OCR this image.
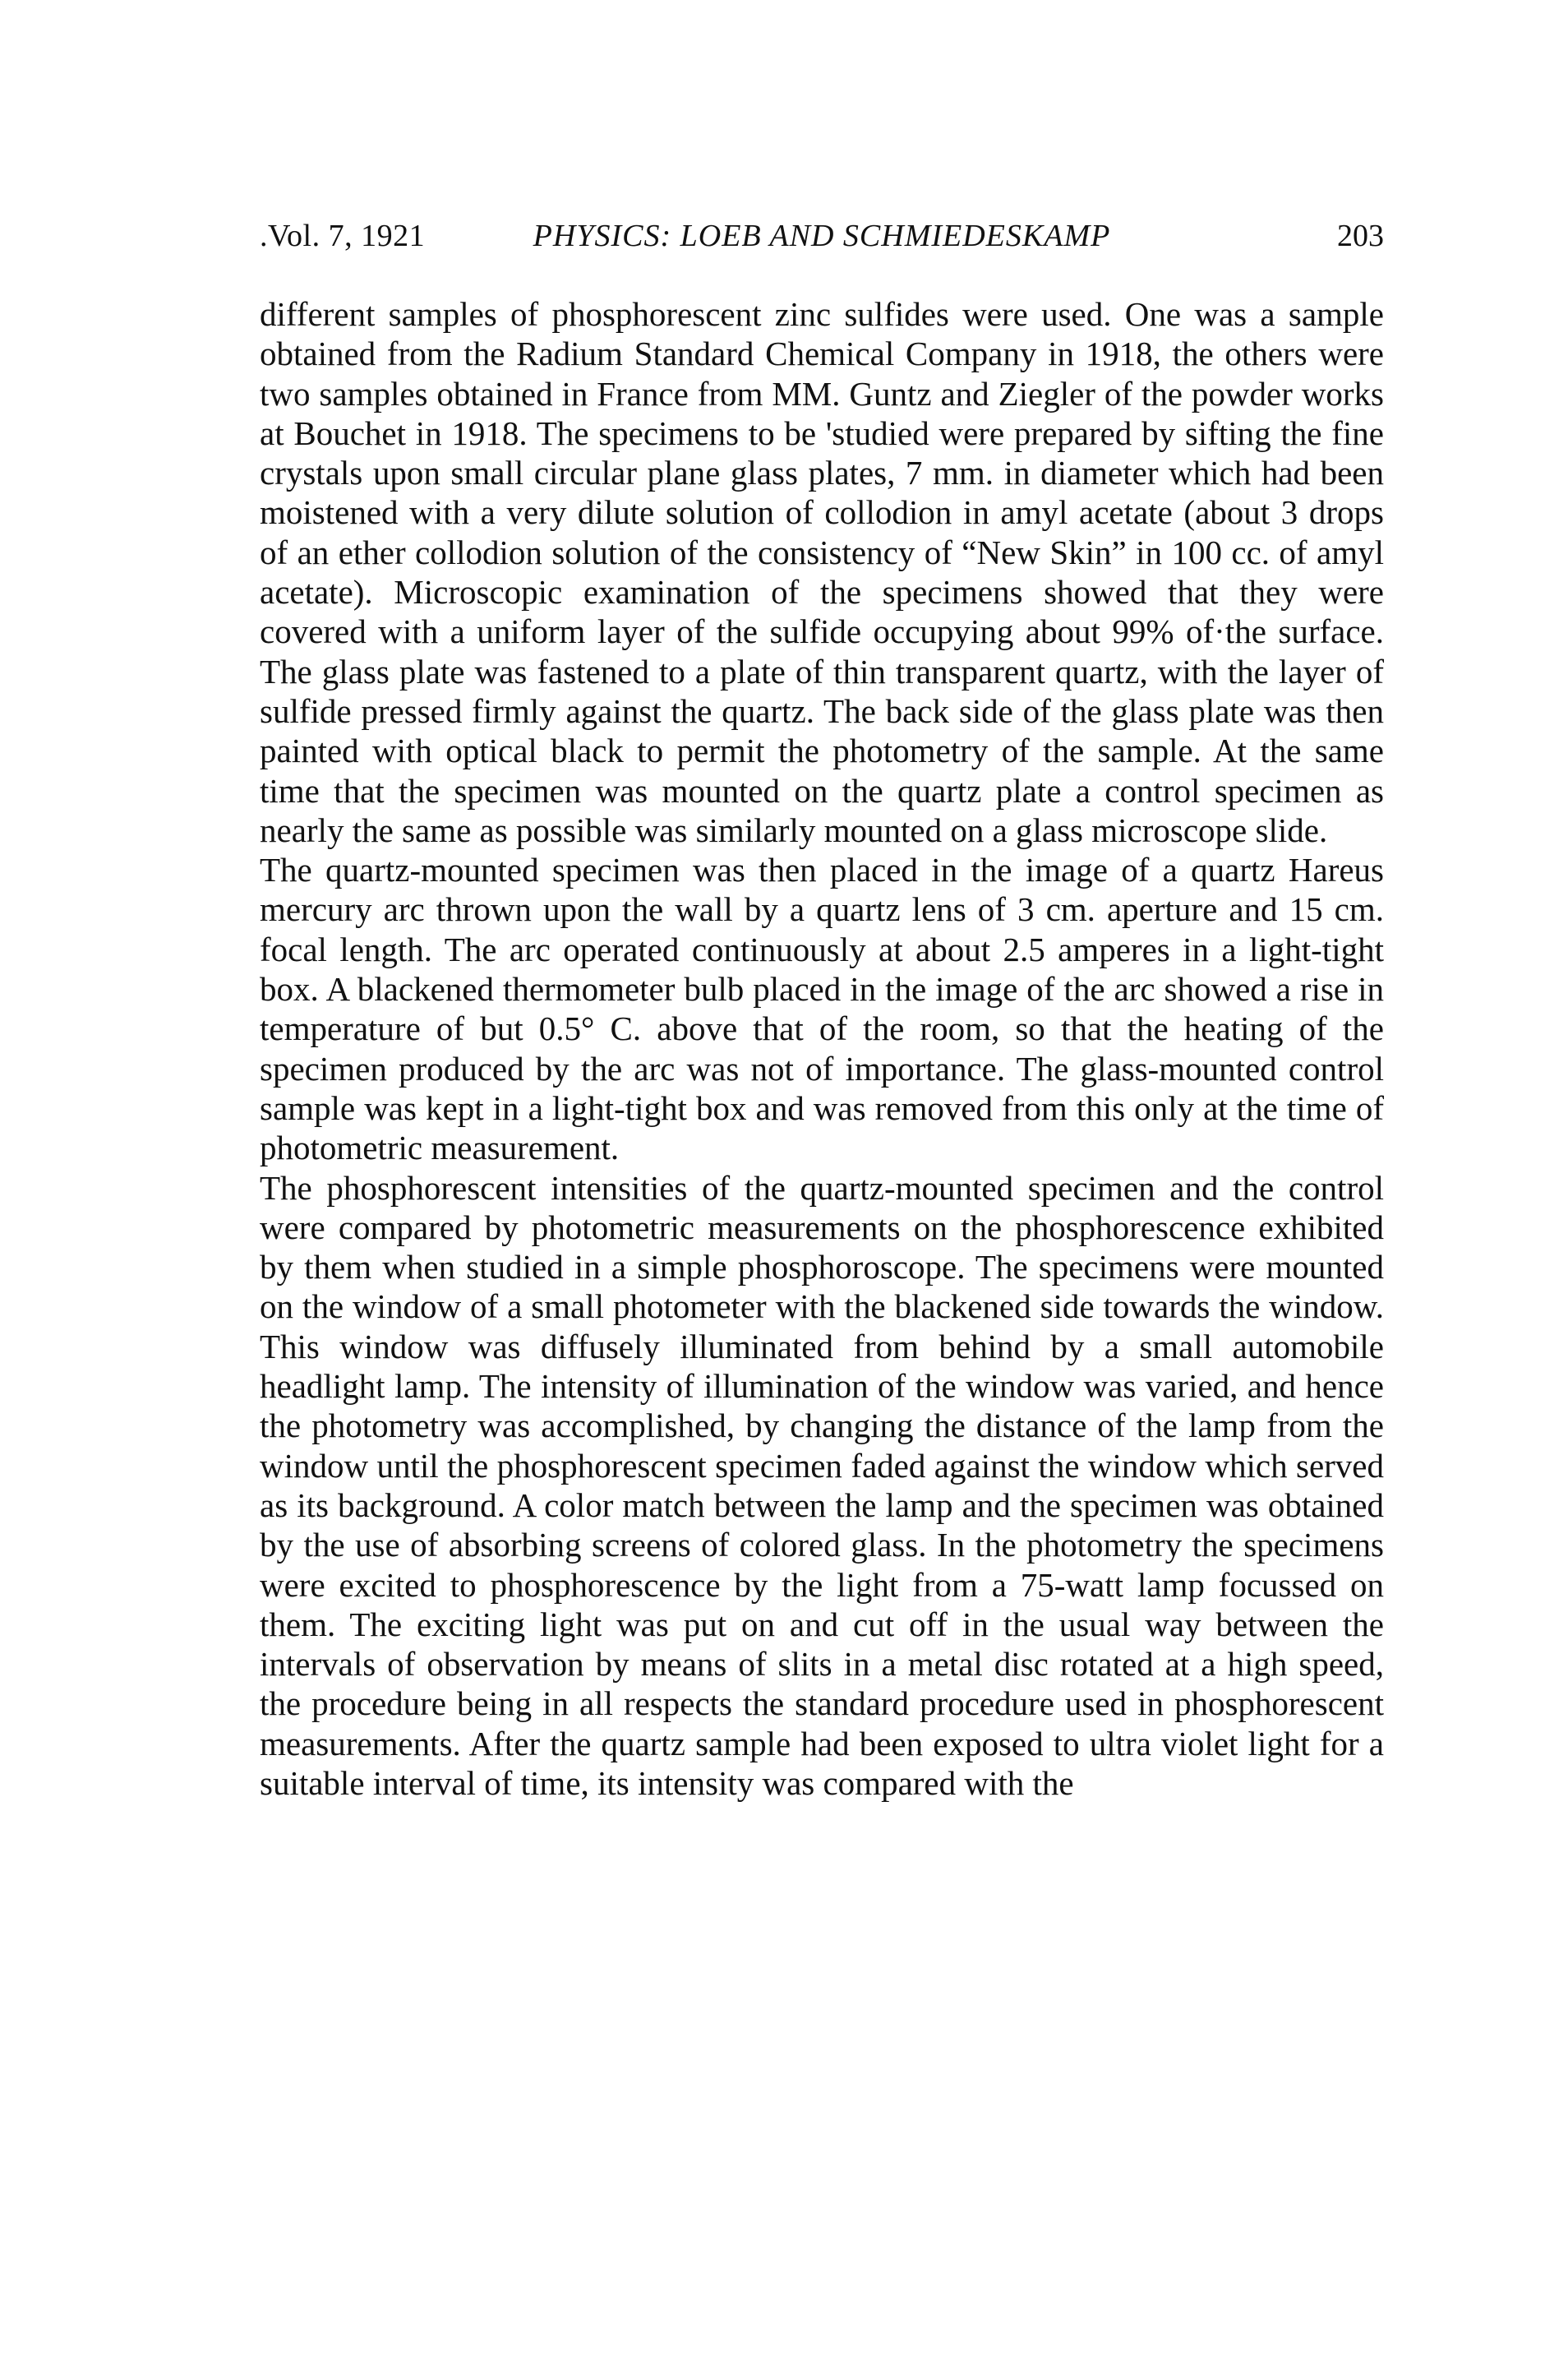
.Vol. 7, 1921	PHYSICS: LOEB AND SCHMIEDESKAMP	203

different samples of phosphorescent zinc sulfides were used. One was a sample obtained from the Radium Standard Chemical Company in 1918, the others were two samples obtained in France from MM. Guntz and Ziegler of the powder works at Bouchet in 1918. The specimens to be 'studied were prepared by sifting the fine crystals upon small circular plane glass plates, 7 mm. in diameter which had been moistened with a very dilute solution of collodion in amyl acetate (about 3 drops of an ether collodion solution of the consistency of “New Skin” in 100 cc. of amyl acetate). Microscopic examination of the specimens showed that they were covered with a uniform layer of the sulfide occupying about 99% of·the surface. The glass plate was fastened to a plate of thin transparent quartz, with the layer of sulfide pressed firmly against the quartz. The back side of the glass plate was then painted with optical black to permit the photometry of the sample. At the same time that the specimen was mounted on the quartz plate a control specimen as nearly the same as possible was similarly mounted on a glass microscope slide.

The quartz-mounted specimen was then placed in the image of a quartz Hareus mercury arc thrown upon the wall by a quartz lens of 3 cm. aperture and 15 cm. focal length. The arc operated continuously at about 2.5 amperes in a light-tight box. A blackened thermometer bulb placed in the image of the arc showed a rise in temperature of but 0.5° C. above that of the room, so that the heating of the specimen produced by the arc was not of importance. The glass-mounted control sample was kept in a light-tight box and was removed from this only at the time of photometric measurement.

The phosphorescent intensities of the quartz-mounted specimen and the control were compared by photometric measurements on the phosphorescence exhibited by them when studied in a simple phosphoroscope. The specimens were mounted on the window of a small photometer with the blackened side towards the window. This window was diffusely illuminated from behind by a small automobile headlight lamp. The intensity of illumination of the window was varied, and hence the photometry was accomplished, by changing the distance of the lamp from the window until the phosphorescent specimen faded against the window which served as its background. A color match between the lamp and the specimen was obtained by the use of absorbing screens of colored glass. In the photometry the specimens were excited to phosphorescence by the light from a 75-watt lamp focussed on them. The exciting light was put on and cut off in the usual way between the intervals of observation by means of slits in a metal disc rotated at a high speed, the procedure being in all respects the standard procedure used in phosphorescent measurements. After the quartz sample had been exposed to ultra violet light for a suitable interval of time, its intensity was compared with the
